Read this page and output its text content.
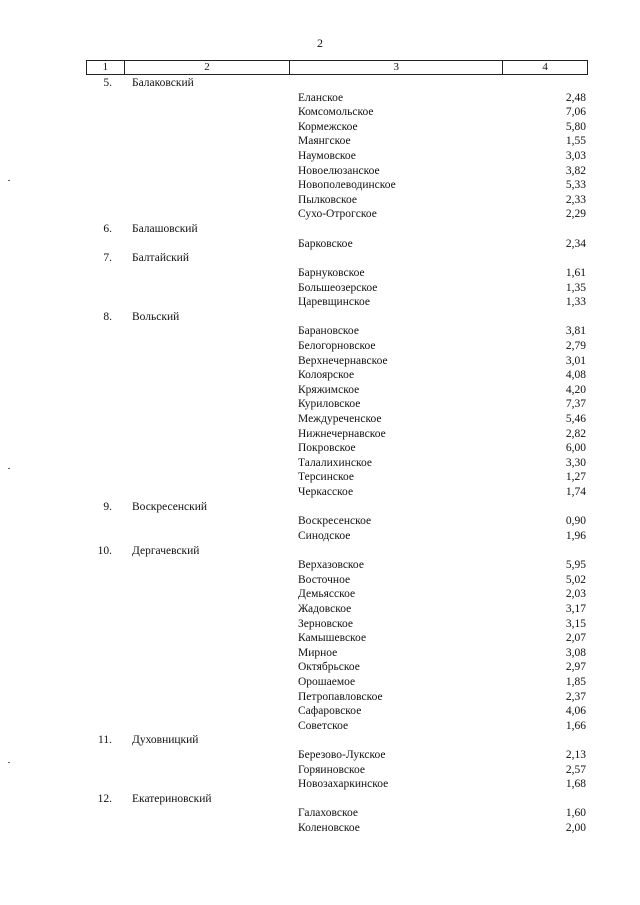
2
1	2	3	4
5. Балаковский
Еланское	2,48
Комсомольское	7,06
Кормежское	5,80
Маянгское	1,55
Наумовское	3,03
Новоелюзанское	3,82
Новополеводинское	5,33
Пылковское	2,33
Сухо-Отрогское	2,29
6. Балашовский
Барковское	2,34
7. Балтайский
Барнуковское	1,61
Большеозерское	1,35
Царевщинское	1,33
8. Вольский
Барановское	3,81
Белогорновское	2,79
Верхнечернавское	3,01
Колоярское	4,08
Кряжимское	4,20
Куриловское	7,37
Междуреченское	5,46
Нижнечернавское	2,82
Покровское	6,00
Талалихинское	3,30
Терсинское	1,27
Черкасское	1,74
9. Воскресенский
Воскресенское	0,90
Синодское	1,96
10. Дергачевский
Верхазовское	5,95
Восточное	5,02
Демьясское	2,03
Жадовское	3,17
Зерновское	3,15
Камышевское	2,07
Мирное	3,08
Октябрьское	2,97
Орошаемое	1,85
Петропавловское	2,37
Сафаровское	4,06
Советское	1,66
11. Духовницкий
Березово-Лукское	2,13
Горяиновское	2,57
Новозахаркинское	1,68
12. Екатериновский
Галаховское	1,60
Коленовское	2,00
